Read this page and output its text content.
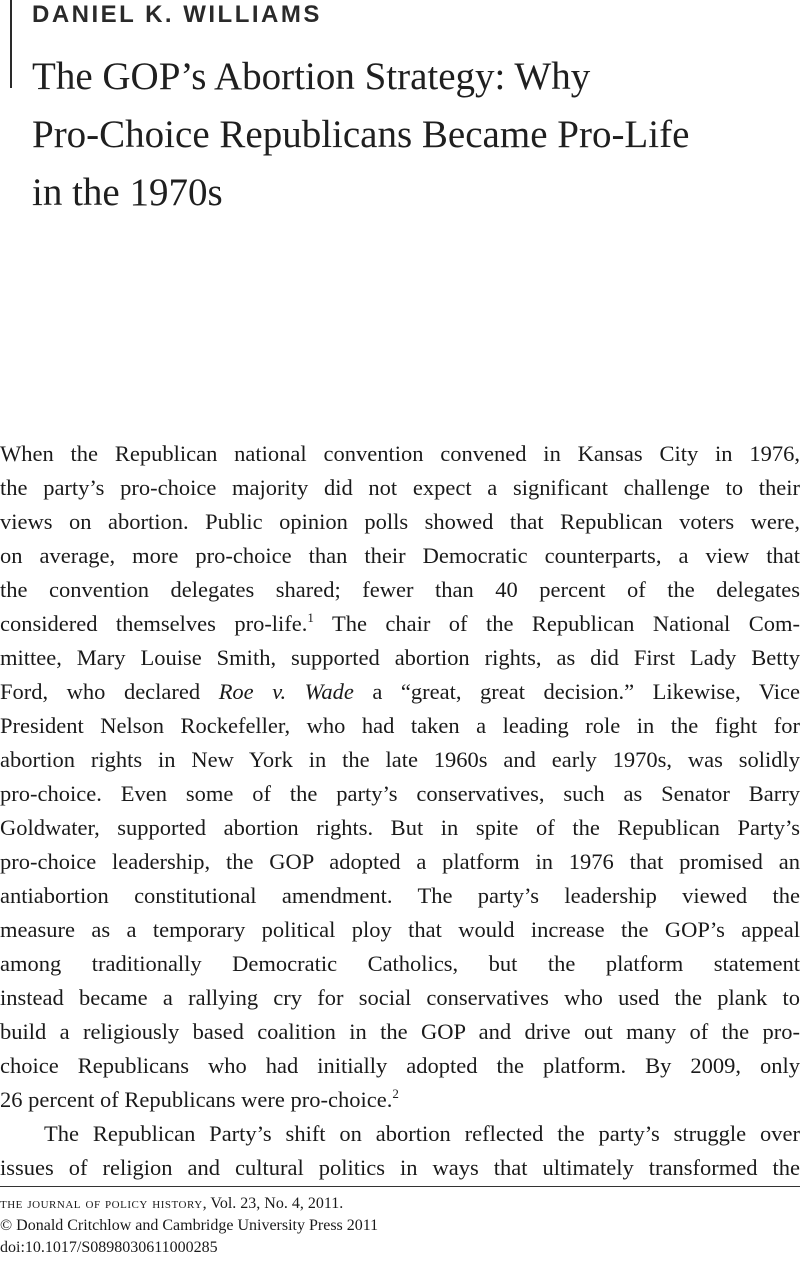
DANIEL K. WILLIAMS
The GOP’s Abortion Strategy: Why
Pro-Choice Republicans Became Pro-Life
in the 1970s
When the Republican national convention convened in Kansas City in 1976,
the party’s pro-choice majority did not expect a significant challenge to their
views on abortion. Public opinion polls showed that Republican voters were,
on average, more pro-choice than their Democratic counterparts, a view that
the convention delegates shared; fewer than 40 percent of the delegates
considered themselves pro-life.$^1$ The chair of the Republican National Com-
mittee, Mary Louise Smith, supported abortion rights, as did First Lady Betty
Ford, who declared Roe v. Wade a “great, great decision.” Likewise, Vice
President Nelson Rockefeller, who had taken a leading role in the fight for
abortion rights in New York in the late 1960s and early 1970s, was solidly
pro-choice. Even some of the party’s conservatives, such as Senator Barry
Goldwater, supported abortion rights. But in spite of the Republican Party’s
pro-choice leadership, the GOP adopted a platform in 1976 that promised an
antiabortion constitutional amendment. The party’s leadership viewed the
measure as a temporary political ploy that would increase the GOP’s appeal
among traditionally Democratic Catholics, but the platform statement
instead became a rallying cry for social conservatives who used the plank to
build a religiously based coalition in the GOP and drive out many of the pro-
choice Republicans who had initially adopted the platform. By 2009, only
26 percent of Republicans were pro-choice.$^2$
The Republican Party’s shift on abortion reflected the party’s struggle over
issues of religion and cultural politics in ways that ultimately transformed the
the journal of policy history, Vol. 23, No. 4, 2011.
© Donald Critchlow and Cambridge University Press 2011
doi:10.1017/S0898030611000285
